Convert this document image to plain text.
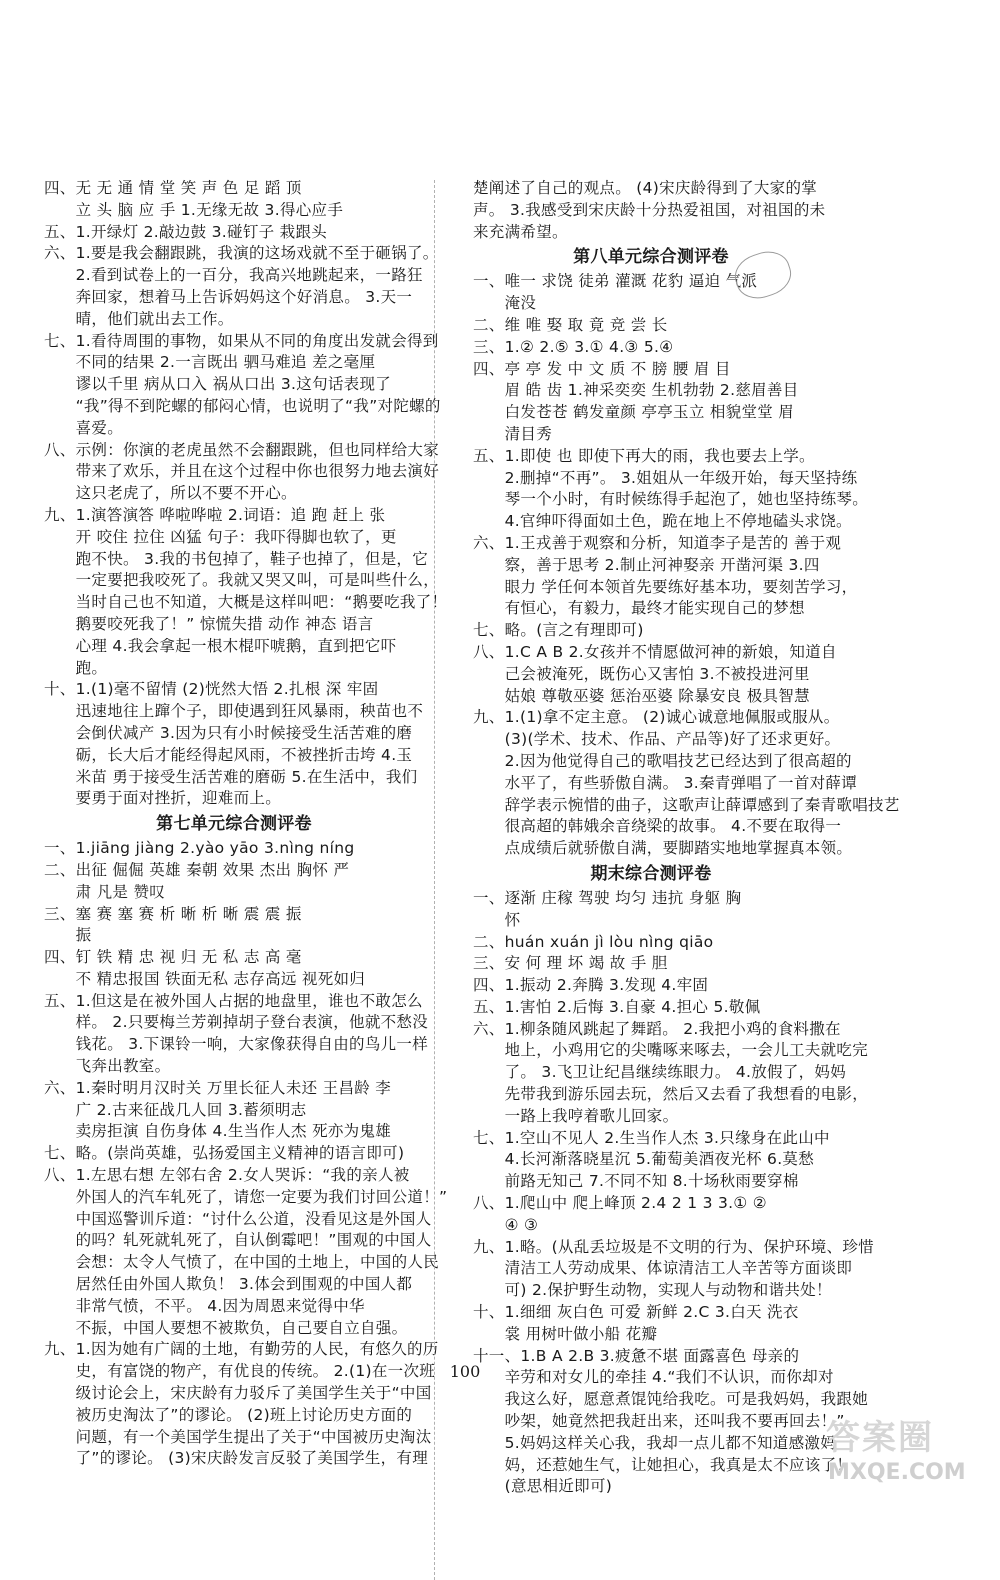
四、无 无 通 情 堂 笑 声 色 足 蹈 顶
　　立 头 脑 应 手 1.无缘无故 3.得心应手
五、1.开绿灯 2.敲边鼓 3.碰钉子 栽跟头
六、1.要是我会翻跟跳，我演的这场戏就不至于砸锅了。
　　2.看到试卷上的一百分，我高兴地跳起来，一路狂
　　奔回家，想着马上告诉妈妈这个好消息。 3.天一
　　晴，他们就出去工作。
七、1.看待周围的事物，如果从不同的角度出发就会得到
　　不同的结果 2.一言既出 驷马难追 差之毫厘
　　谬以千里 病从口入 祸从口出 3.这句话表现了
　　“我”得不到陀螺的郁闷心情，也说明了“我”对陀螺的
　　喜爱。
八、示例：你演的老虎虽然不会翻跟跳，但也同样给大家
　　带来了欢乐，并且在这个过程中你也很努力地去演好
　　这只老虎了，所以不要不开心。
九、1.演答演答 哗啦哗啦 2.词语：追 跑 赶上 张
　　开 咬住 拉住 凶猛 句子：我吓得脚也软了，更
　　跑不快。 3.我的书包掉了，鞋子也掉了，但是，它
　　一定要把我咬死了。我就又哭又叫，可是叫些什么，
　　当时自己也不知道，大概是这样叫吧：“鹅要吃我了！
　　鹅要咬死我了！” 惊慌失措 动作 神态 语言
　　心理 4.我会拿起一根木棍吓唬鹅，直到把它吓
　　跑。
十、1.(1)毫不留情 (2)恍然大悟 2.扎根 深 牢固
　　迅速地往上蹿个子，即使遇到狂风暴雨，秧苗也不
　　会倒伏减产 3.因为只有小时候接受生活苦难的磨
　　砺，长大后才能经得起风雨，不被挫折击垮 4.玉
　　米苗 勇于接受生活苦难的磨砺 5.在生活中，我们
　　要勇于面对挫折，迎难而上。
第七单元综合测评卷
一、1.jiāng jiàng 2.yào yāo 3.nìng níng
二、出征 倔倔 英雄 秦朝 效果 杰出 胸怀 严
　　肃 凡是 赞叹
三、塞 赛 塞 赛 析 晰 析 晰 震 震 振
　　振
四、钉 铁 精 忠 视 归 无 私 志 高 毫
　　不 精忠报国 铁面无私 志存高远 视死如归
五、1.但这是在被外国人占据的地盘里，谁也不敢怎么
　　样。 2.只要梅兰芳剃掉胡子登台表演，他就不愁没
　　钱花。 3.下课铃一响，大家像获得自由的鸟儿一样
　　飞奔出教室。
六、1.秦时明月汉时关 万里长征人未还 王昌龄 李
　　广 2.古来征战几人回 3.蓄须明志
　　卖房拒演 自伤身体 4.生当作人杰 死亦为鬼雄
七、略。(崇尚英雄，弘扬爱国主义精神的语言即可)
八、1.左思右想 左邻右舍 2.女人哭诉：“我的亲人被
　　外国人的汽车轧死了，请您一定要为我们讨回公道！”
　　中国巡警训斥道：“讨什么公道，没看见这是外国人
　　的吗？轧死就轧死了，自认倒霉吧！”围观的中国人
　　会想：太令人气愤了，在中国的土地上，中国的人民
　　居然任由外国人欺负！ 3.体会到围观的中国人都
　　非常气愤，不平。 4.因为周恩来觉得中华
　　不振，中国人要想不被欺负，自己要自立自强。
九、1.因为她有广阔的土地，有勤劳的人民，有悠久的历
　　史，有富饶的物产，有优良的传统。 2.(1)在一次班
　　级讨论会上，宋庆龄有力驳斥了美国学生关于“中国
　　被历史淘汰了”的谬论。 (2)班上讨论历史方面的
　　问题，有一个美国学生提出了关于“中国被历史淘汰
　　了”的谬论。 (3)宋庆龄发言反驳了美国学生，有理
楚阐述了自己的观点。 (4)宋庆龄得到了大家的掌
声。 3.我感受到宋庆龄十分热爱祖国，对祖国的未
来充满希望。
第八单元综合测评卷
一、唯一 求饶 徒弟 灌溉 花豹 逼迫 气派
　　淹没
二、维 唯 娶 取 竟 竞 尝 长
三、1.② 2.⑤ 3.① 4.③ 5.④
四、亭 亭 发 中 文 质 不 膀 腰 眉 目
　　眉 皓 齿 1.神采奕奕 生机勃勃 2.慈眉善目
　　白发苍苍 鹤发童颜 亭亭玉立 相貌堂堂 眉
　　清目秀
五、1.即使 也 即使下再大的雨，我也要去上学。
　　2.删掉“不再”。 3.姐姐从一年级开始，每天坚持练
　　琴一个小时，有时候练得手起泡了，她也坚持练琴。
　　4.官绅吓得面如土色，跪在地上不停地磕头求饶。
六、1.王戎善于观察和分析，知道李子是苦的 善于观
　　察，善于思考 2.制止河神娶亲 开凿河渠 3.四
　　眼力 学任何本领首先要练好基本功，要刻苦学习，
　　有恒心，有毅力，最终才能实现自己的梦想
七、略。(言之有理即可)
八、1.C A B 2.女孩并不情愿做河神的新娘，知道自
　　己会被淹死，既伤心又害怕 3.不被投进河里
　　姑娘 尊敬巫婆 惩治巫婆 除暴安良 极具智慧
九、1.(1)拿不定主意。 (2)诚心诚意地佩服或服从。
　　(3)(学术、技术、作品、产品等)好了还求更好。
　　2.因为他觉得自己的歌唱技艺已经达到了很高超的
　　水平了，有些骄傲自满。 3.秦青弹唱了一首对薛谭
　　辞学表示惋惜的曲子，这歌声让薛谭感到了秦青歌唱技艺
　　很高超的韩娥余音绕梁的故事。 4.不要在取得一
　　点成绩后就骄傲自满，要脚踏实地地掌握真本领。
期末综合测评卷
一、逐渐 庄稼 驾驶 均匀 违抗 身躯 胸
　　怀
二、huán xuán jì lòu nìng qiāo
三、安 何 理 坏 竭 故 手 胆
四、1.振动 2.奔腾 3.发现 4.牢固
五、1.害怕 2.后悔 3.自豪 4.担心 5.敬佩
六、1.柳条随风跳起了舞蹈。 2.我把小鸡的食料撒在
　　地上，小鸡用它的尖嘴啄来啄去，一会儿工夫就吃完
　　了。 3.飞卫让纪昌继续练眼力。 4.放假了，妈妈
　　先带我到游乐园去玩，然后又去看了我想看的电影，
　　一路上我哼着歌儿回家。
七、1.空山不见人 2.生当作人杰 3.只缘身在此山中
　　4.长河渐落晓星沉 5.葡萄美酒夜光杯 6.莫愁
　　前路无知己 7.不同不知 8.十场秋雨要穿棉
八、1.爬山中 爬上峰顶 2.4 2 1 3 3.① ②
　　④ ③
九、1.略。(从乱丢垃圾是不文明的行为、保护环境、珍惜
　　清洁工人劳动成果、体谅清洁工人辛苦等方面谈即
　　可) 2.保护野生动物，实现人与动物和谐共处！
十、1.细细 灰白色 可爱 新鲜 2.C 3.白天 洗衣
　　裳 用树叶做小船 花瓣
十一、1.B A 2.B 3.疲惫不堪 面露喜色 母亲的
　　辛劳和对女儿的牵挂 4.“我们不认识，而你却对
　　我这么好，愿意煮馄饨给我吃。可是我妈妈，我跟她
　　吵架，她竟然把我赶出来，还叫我不要再回去！”
　　5.妈妈这样关心我，我却一点儿都不知道感激妈
　　妈，还惹她生气，让她担心，我真是太不应该了！
　　(意思相近即可)
100
答案圈
MXQE.COM
